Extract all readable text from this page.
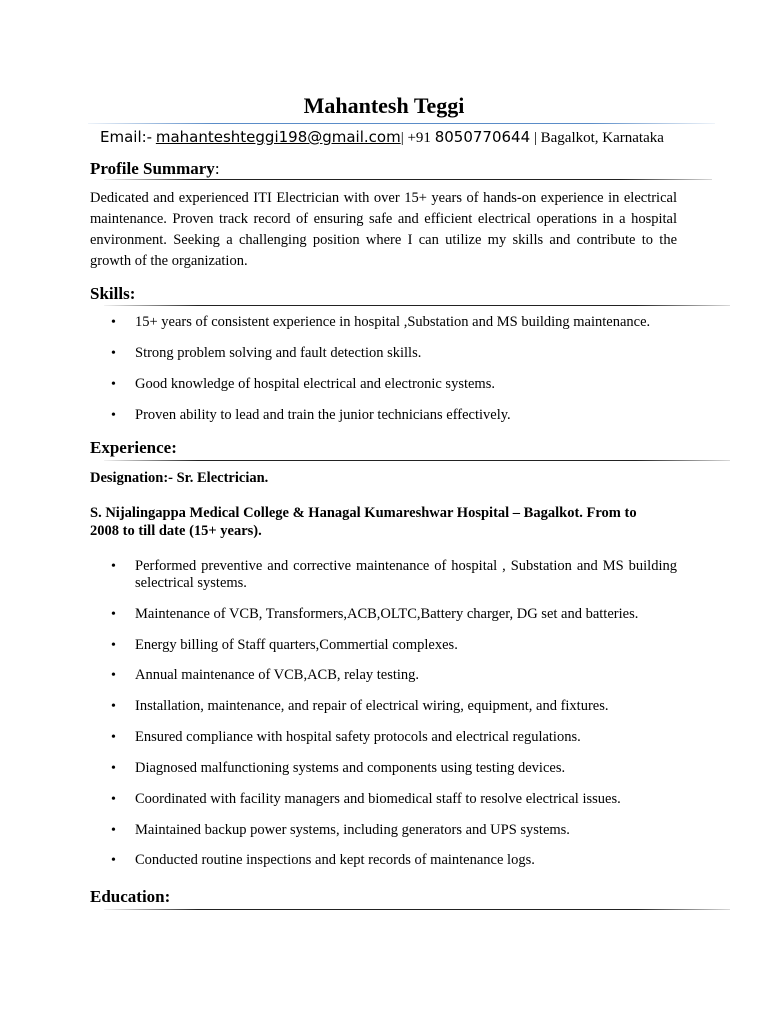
Mahantesh Teggi
Email:- mahanteshteggi198@gmail.com| +91 8050770644 | Bagalkot, Karnataka
Profile Summary:
Dedicated and experienced ITI Electrician with over 15+ years of hands-on experience in electrical maintenance. Proven track record of ensuring safe and efficient electrical operations in a hospital environment. Seeking a challenging position where I can utilize my skills and contribute to the growth of the organization.
Skills:
• 15+ years of consistent experience in hospital ,Substation and MS building maintenance.
• Strong problem solving and fault detection skills.
• Good knowledge of hospital electrical and electronic systems.
• Proven ability to lead and train the junior technicians effectively.
Experience:
Designation:- Sr. Electrician.
S. Nijalingappa Medical College & Hanagal Kumareshwar Hospital – Bagalkot. From to
2008 to till date (15+ years).
• Performed preventive and corrective maintenance of hospital , Substation and MS building selectrical systems.
• Maintenance of VCB, Transformers,ACB,OLTC,Battery charger, DG set and batteries.
• Energy billing of Staff quarters,Commertial complexes.
• Annual maintenance of VCB,ACB, relay testing.
• Installation, maintenance, and repair of electrical wiring, equipment, and fixtures.
• Ensured compliance with hospital safety protocols and electrical regulations.
• Diagnosed malfunctioning systems and components using testing devices.
• Coordinated with facility managers and biomedical staff to resolve electrical issues.
• Maintained backup power systems, including generators and UPS systems.
• Conducted routine inspections and kept records of maintenance logs.
Education:
